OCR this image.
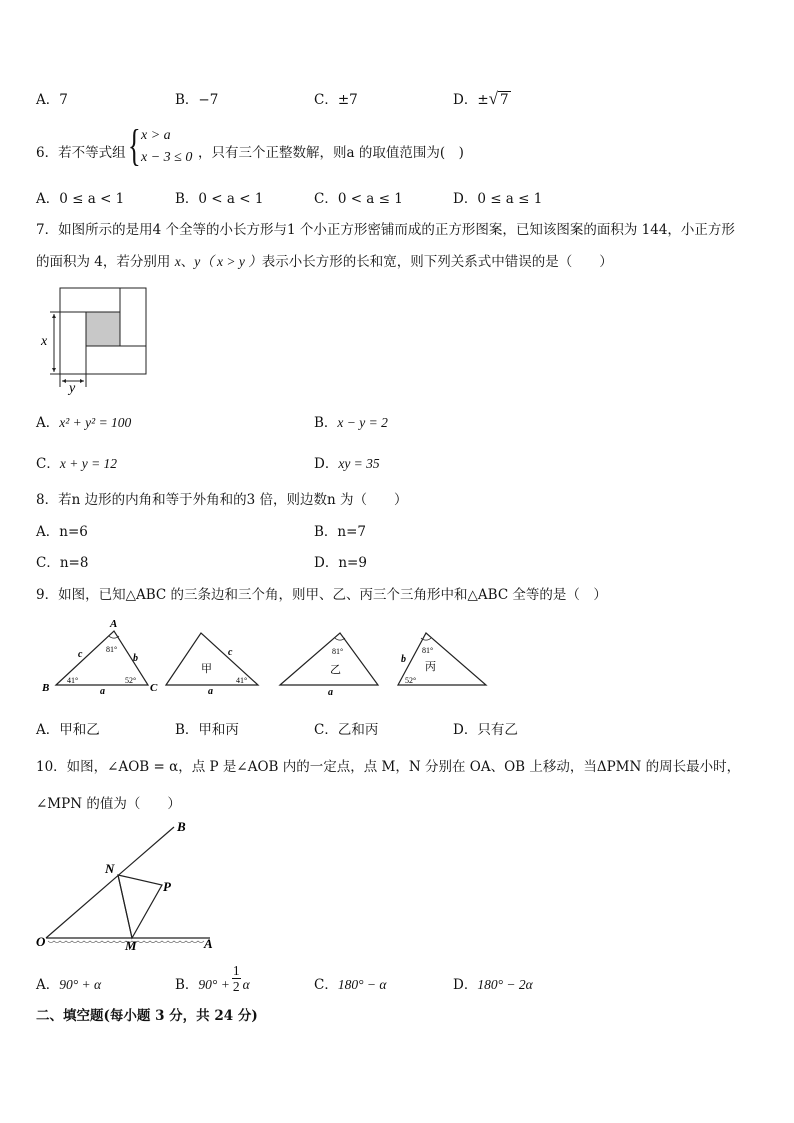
A．7	B．−7	C．±7	D．±√ 7
6．若不等式组 { x > a
x − 3 ≤ 0 ，只有三个正整数解，则a 的取值范围为(　)
A．0 ≤ a < 1	B．0 < a < 1	C．0 < a ≤ 1	D．0 ≤ a ≤ 1
7．如图所示的是用4 个全等的小长方形与1 个小正方形密铺而成的正方形图案，已知该图案的面积为 144，小正方形
的面积为 4，若分别用 x、y（ x > y ）表示小长方形的长和宽，则下列关系式中错误的是（　　）
x
y
A．x² + y² = 100	B．x − y = 2
C．x + y = 12	D．xy = 35
8．若n 边形的内角和等于外角和的3 倍，则边数n 为（　　）
A．n=6	B．n=7
C．n=8	D．n=9
9．如图，已知△ABC 的三条边和三个角，则甲、乙、丙三个三角形中和△ABC 全等的是（　）
A
B	C
c	b
a
81°
41°	52°
甲
c
a
41°
81°
乙
a
81°
丙
b
52°
A．甲和乙	B．甲和丙	C．乙和丙	D．只有乙
10．如图，∠AOB = α，点 P 是∠AOB 内的一定点，点 M，N 分别在 OA、OB 上移动，当ΔPMN 的周长最小时，
∠MPN 的值为（　　）
O	A
B
N
M
P
A．90° + α	B．$90^\circ + \frac{1}{2}$ α	C．180° − α	D．180° − 2α
二、填空题(每小题 3 分，共 24 分)
